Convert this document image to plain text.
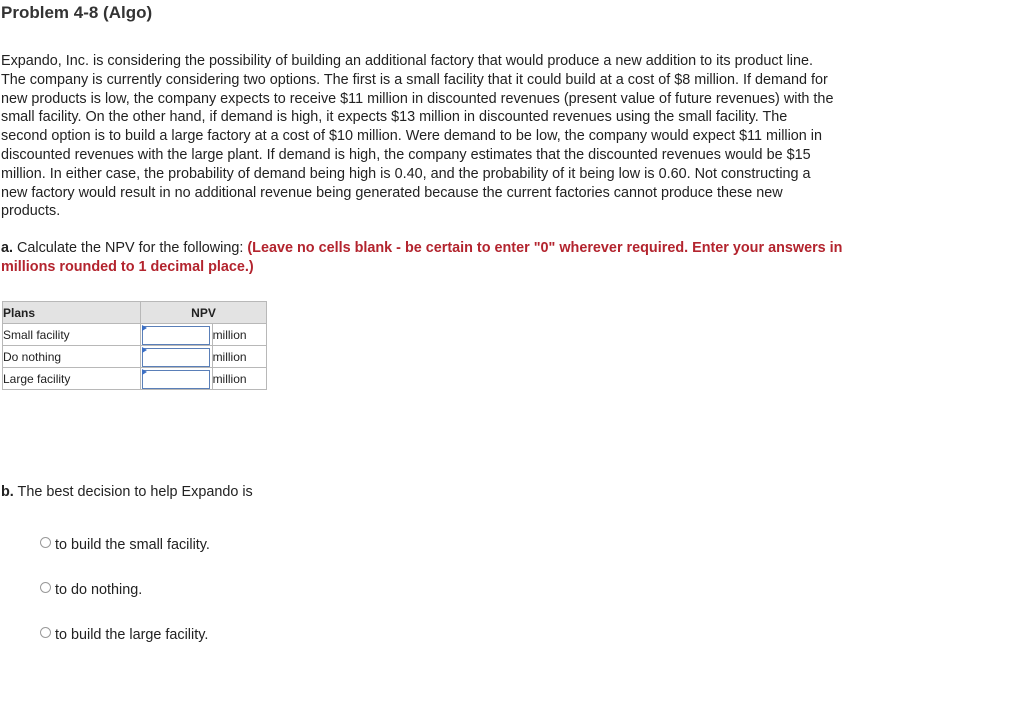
Problem 4-8 (Algo)
Expando, Inc. is considering the possibility of building an additional factory that would produce a new addition to its product line.
The company is currently considering two options. The first is a small facility that it could build at a cost of $8 million. If demand for
new products is low, the company expects to receive $11 million in discounted revenues (present value of future revenues) with the
small facility. On the other hand, if demand is high, it expects $13 million in discounted revenues using the small facility. The
second option is to build a large factory at a cost of $10 million. Were demand to be low, the company would expect $11 million in
discounted revenues with the large plant. If demand is high, the company estimates that the discounted revenues would be $15
million. In either case, the probability of demand being high is 0.40, and the probability of it being low is 0.60. Not constructing a
new factory would result in no additional revenue being generated because the current factories cannot produce these new
products.
a. Calculate the NPV for the following: (Leave no cells blank - be certain to enter "0" wherever required. Enter your answers in
millions rounded to 1 decimal place.)
Plans	NPV	
Small facility		million
Do nothing		million
Large facility		million
b. The best decision to help Expando is
to build the small facility.
to do nothing.
to build the large facility.
